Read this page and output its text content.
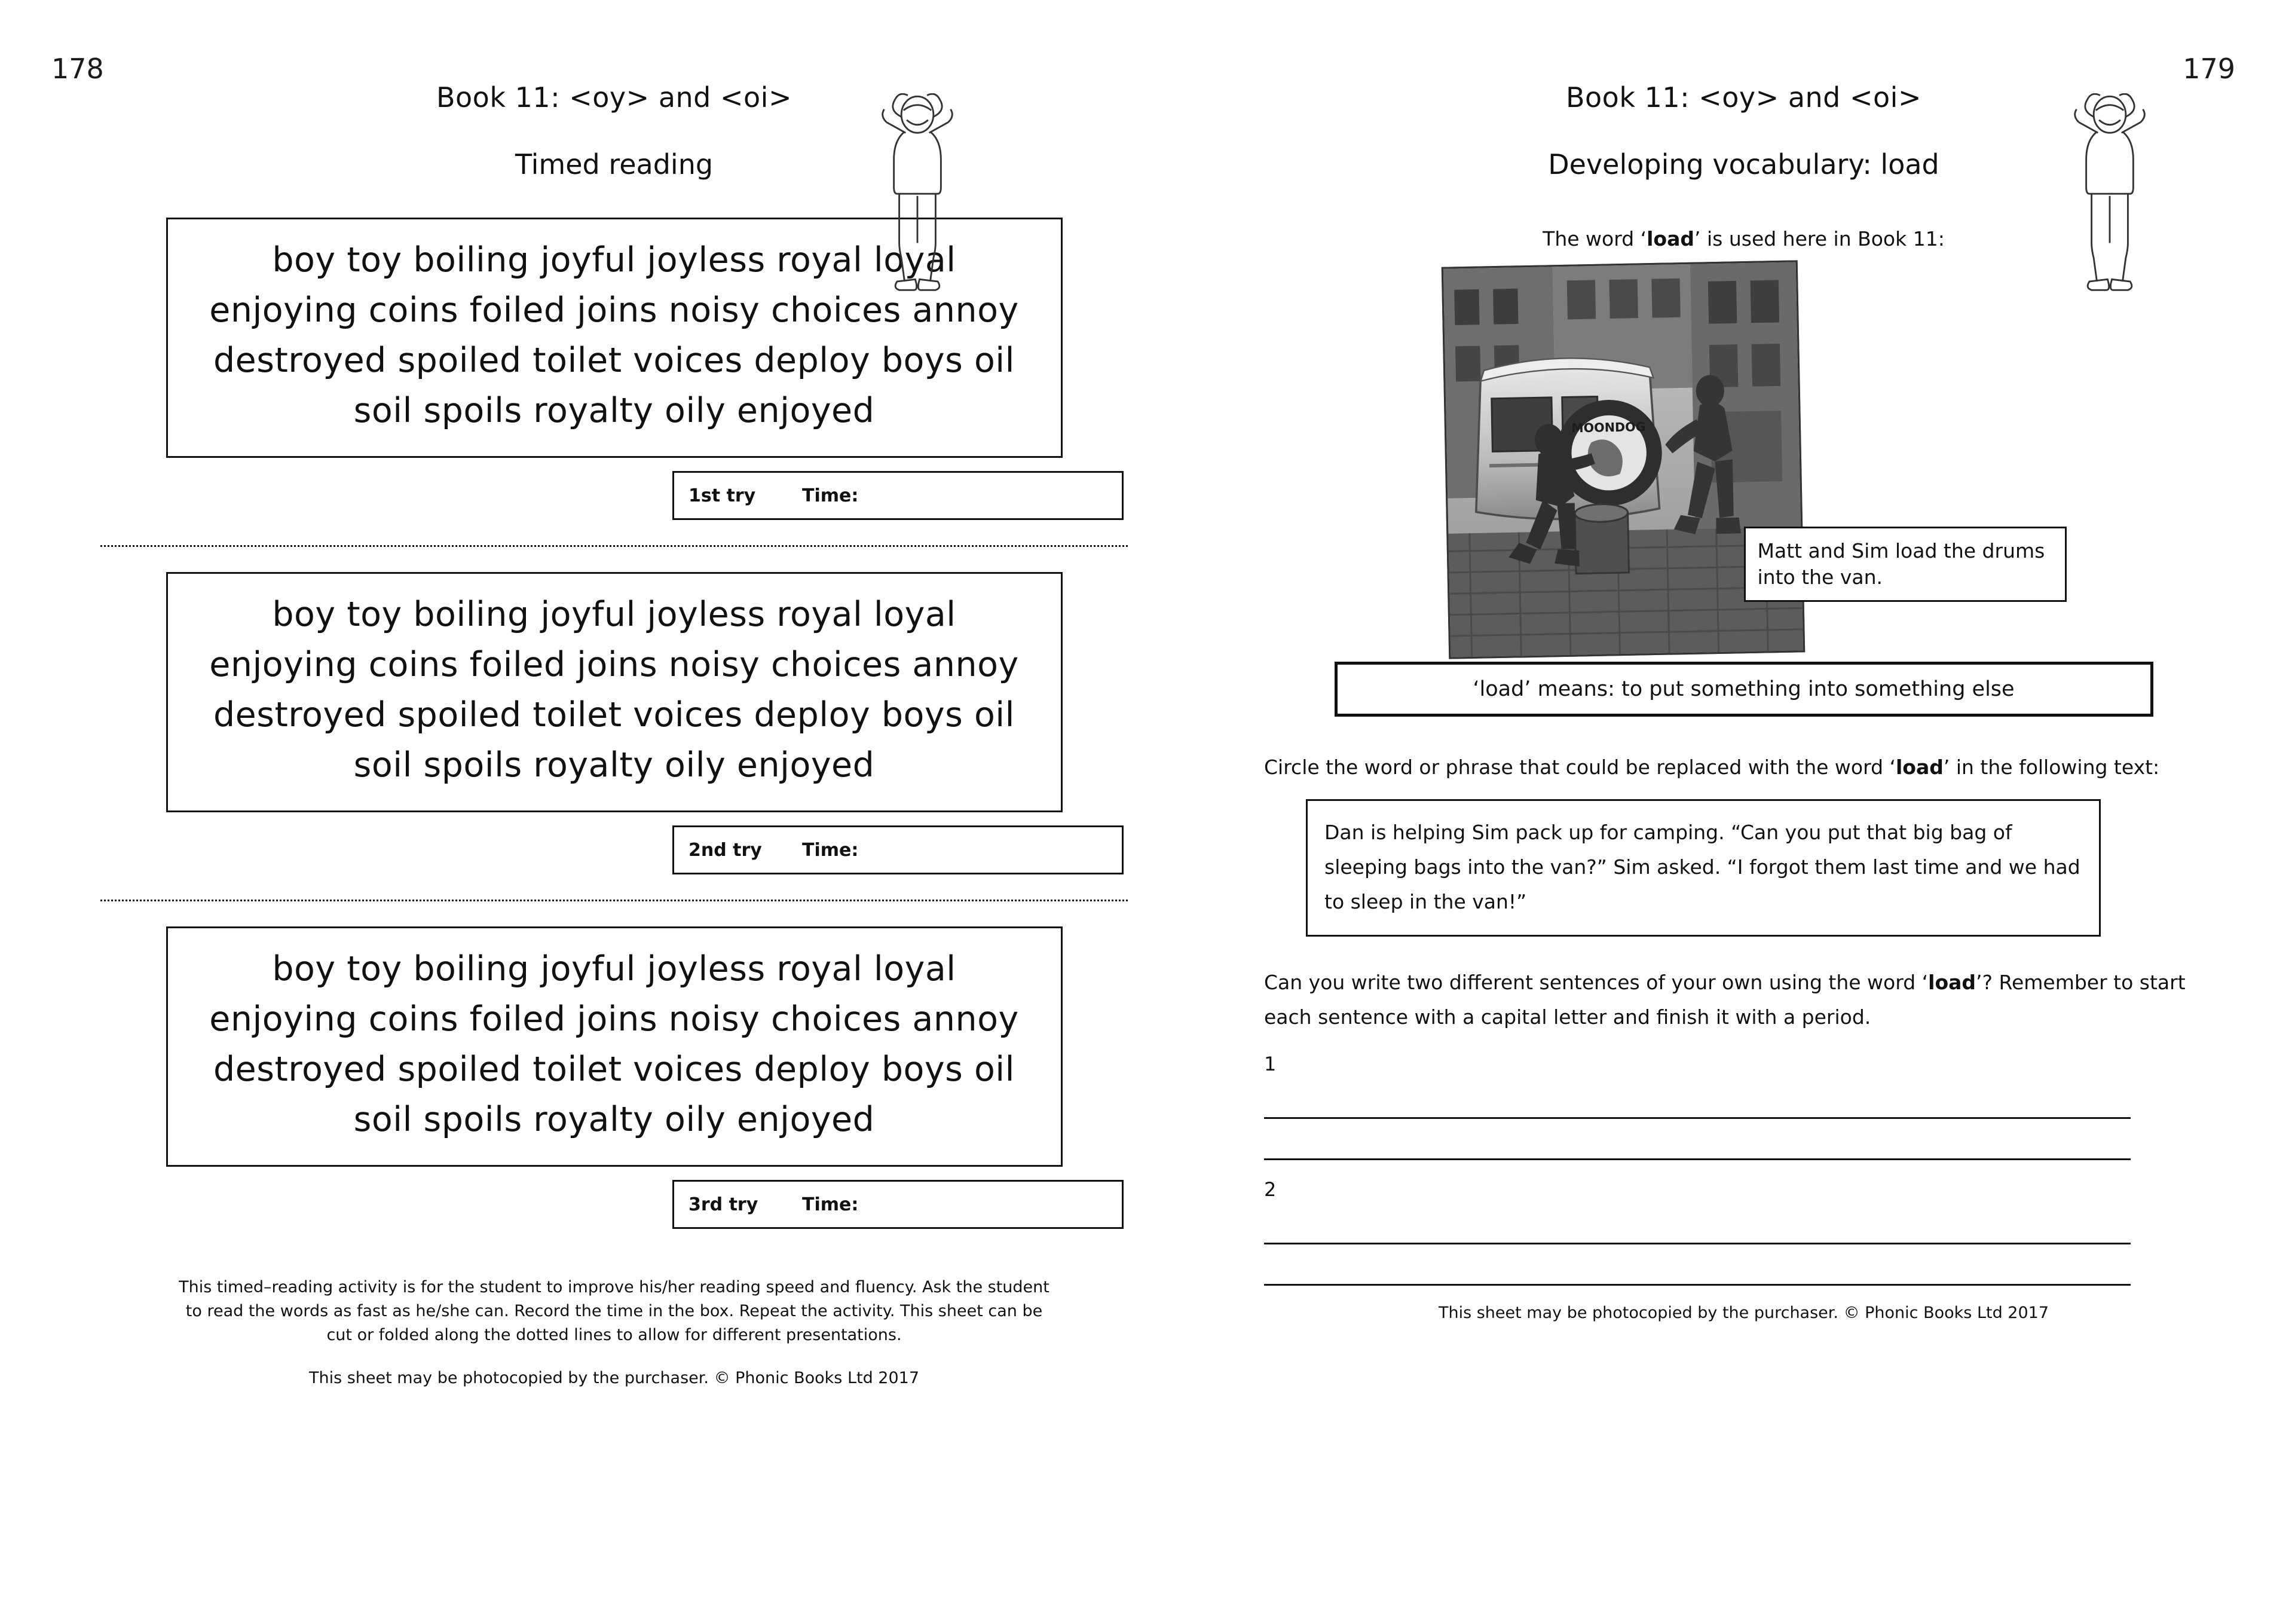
178
Book 11: <oy> and <oi>
Timed reading
boy toy boiling joyful joyless royal loyal
enjoying coins foiled joins noisy choices annoy
destroyed spoiled toilet voices deploy boys oil
soil spoils royalty oily enjoyed
1st try	Time:
boy toy boiling joyful joyless royal loyal
enjoying coins foiled joins noisy choices annoy
destroyed spoiled toilet voices deploy boys oil
soil spoils royalty oily enjoyed
2nd try	Time:
boy toy boiling joyful joyless royal loyal
enjoying coins foiled joins noisy choices annoy
destroyed spoiled toilet voices deploy boys oil
soil spoils royalty oily enjoyed
3rd try	Time:
This timed–reading activity is for the student to improve his/her reading speed and fluency. Ask the student to read the words as fast as he/she can. Record the time in the box. Repeat the activity. This sheet can be cut or folded along the dotted lines to allow for different presentations.
This sheet may be photocopied by the purchaser. © Phonic Books Ltd 2017
179
Book 11: <oy> and <oi>
Developing vocabulary: load
The word ‘load’ is used here in Book 11:
MOONDOG
Matt and Sim load the drums into the van.
‘load’ means: to put something into something else
Circle the word or phrase that could be replaced with the word ‘load’ in the following text:
Dan is helping Sim pack up for camping. “Can you put that big bag of sleeping bags into the van?” Sim asked. “I forgot them last time and we had to sleep in the van!”
Can you write two different sentences of your own using the word ‘load’? Remember to start each sentence with a capital letter and finish it with a period.
1
2
This sheet may be photocopied by the purchaser. © Phonic Books Ltd 2017
